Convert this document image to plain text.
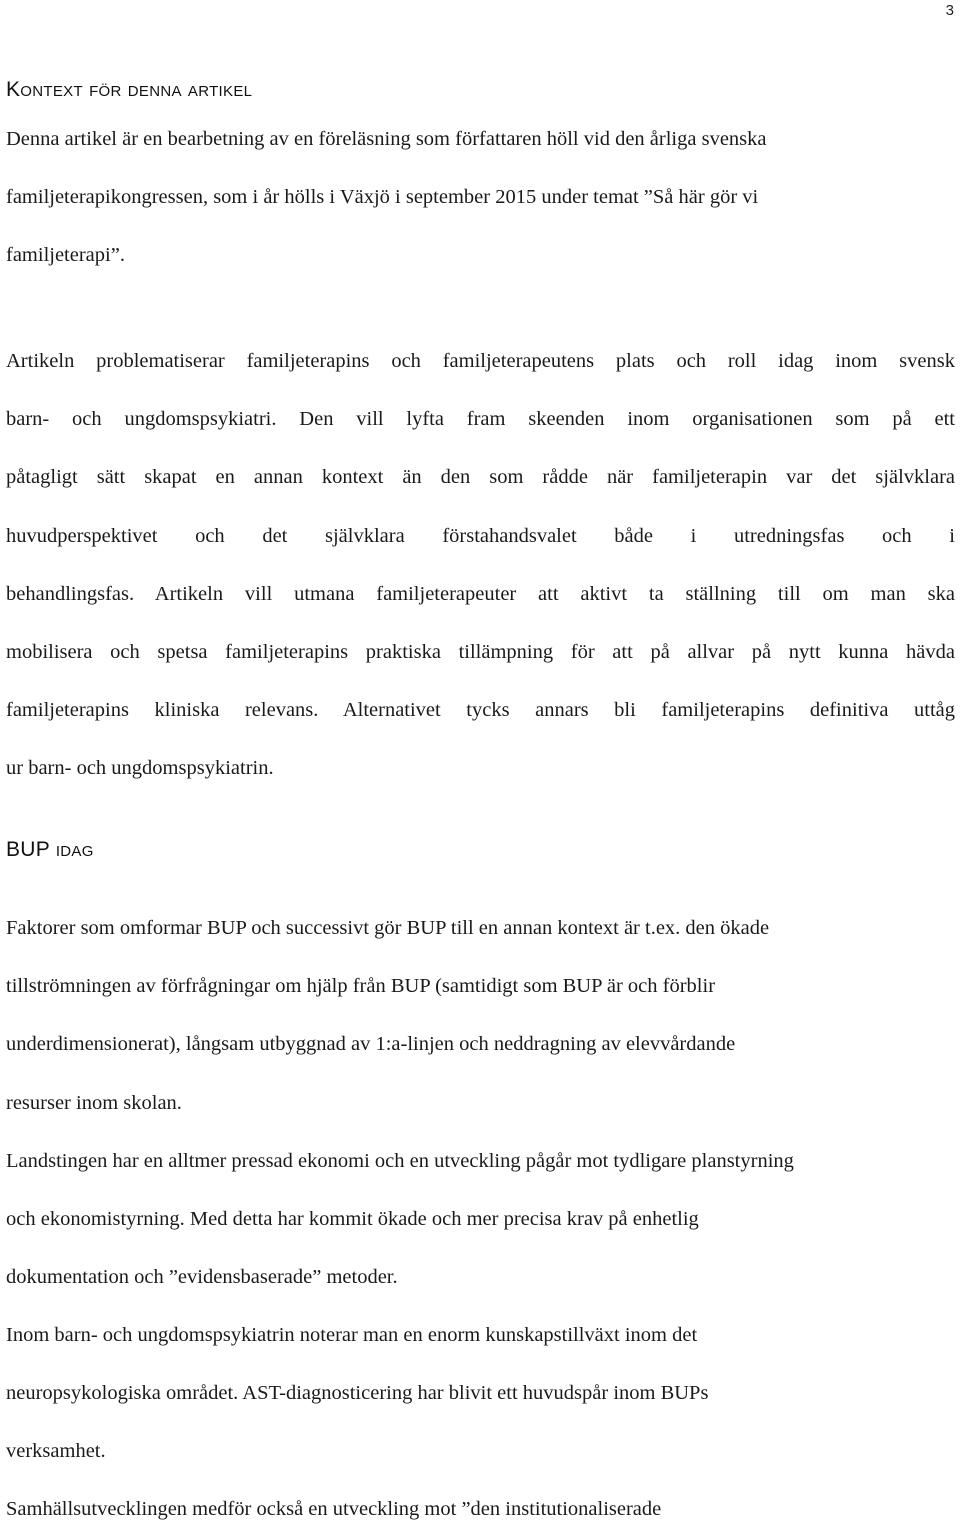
3
Kontext för denna artikel

Denna artikel är en bearbetning av en föreläsning som författaren höll vid den årliga svenska
familjeterapikongressen, som i år hölls i Växjö i september 2015 under temat ”Så här gör vi
familjeterapi”.

Artikeln problematiserar familjeterapins och familjeterapeutens plats och roll idag inom svensk
barn- och ungdomspsykiatri. Den vill lyfta fram skeenden inom organisationen som på ett
påtagligt sätt skapat en annan kontext än den som rådde när familjeterapin var det självklara
huvudperspektivet och det självklara förstahandsvalet både i utredningsfas och i
behandlingsfas. Artikeln vill utmana familjeterapeuter att aktivt ta ställning till om man ska
mobilisera och spetsa familjeterapins praktiska tillämpning för att på allvar på nytt kunna hävda
familjeterapins kliniska relevans. Alternativet tycks annars bli familjeterapins definitiva uttåg
ur barn- och ungdomspsykiatrin.

BUP idag

Faktorer som omformar BUP och successivt gör BUP till en annan kontext är t.ex. den ökade
tillströmningen av förfrågningar om hjälp från BUP (samtidigt som BUP är och förblir
underdimensionerat), långsam utbyggnad av 1:a-linjen och neddragning av elevvårdande
resurser inom skolan.

Landstingen har en alltmer pressad ekonomi och en utveckling pågår mot tydligare planstyrning
och ekonomistyrning. Med detta har kommit ökade och mer precisa krav på enhetlig
dokumentation och ”evidensbaserade” metoder.

Inom barn- och ungdomspsykiatrin noterar man en enorm kunskapstillväxt inom det
neuropsykologiska området. AST-diagnosticering har blivit ett huvudspår inom BUPs
verksamhet.

Samhällsutvecklingen medför också en utveckling mot ”den institutionaliserade
